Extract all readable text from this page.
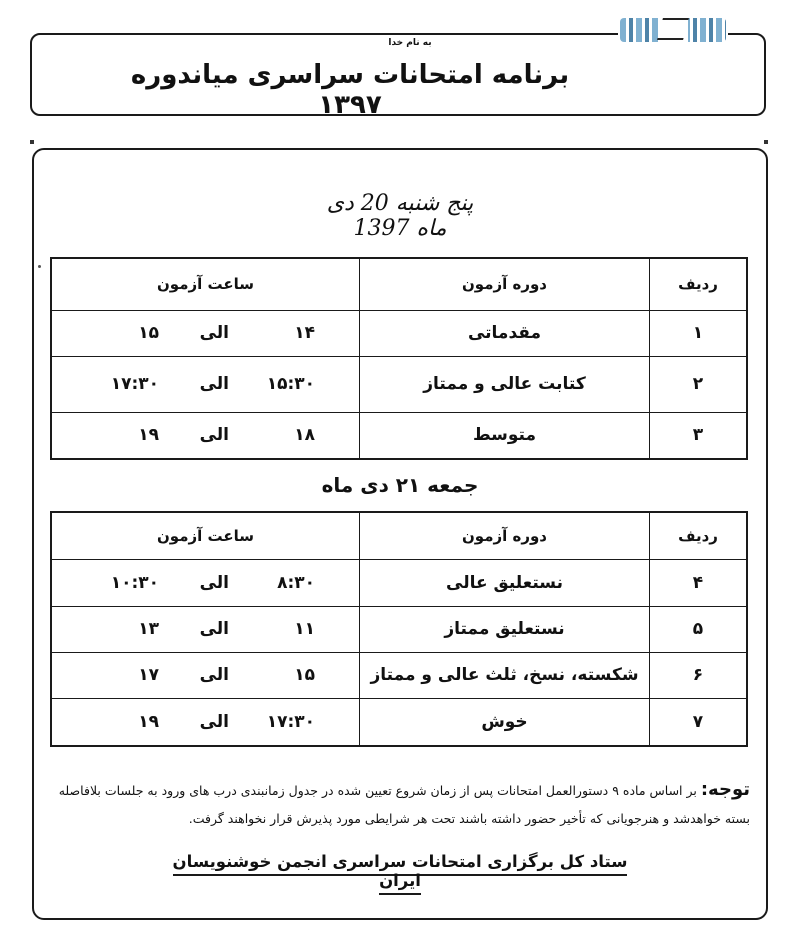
به نام خدا
برنامه امتحانات سراسری میاندوره ۱۳۹۷
پنج شنبه 20 دی ماه 1397
ردیف	دوره آزمون	ساعت آزمون
۱	مقدماتی	۱۴
الی
۱۵

۲	کتابت عالی و ممتاز	۱۵:۳۰
الی
۱۷:۳۰

۳	متوسط	۱۸
الی
۱۹
جمعه ۲۱ دی ماه
ردیف	دوره آزمون	ساعت آزمون
۴	نستعلیق عالی	۸:۳۰
الی
۱۰:۳۰

۵	نستعلیق ممتاز	۱۱
الی
۱۳

۶	شکسته، نسخ، ثلث عالی و ممتاز	۱۵
الی
۱۷

۷	خوش	۱۷:۳۰
الی
۱۹
توجه: بر اساس ماده ۹ دستورالعمل امتحانات پس از زمان شروع تعیین شده در جدول زمانبندی درب های ورود به جلسات بلافاصله بسته خواهدشد و هنرجویانی که تأخیر حضور داشته باشند تحت هر شرایطی مورد پذیرش قرار نخواهند گرفت.
ستاد کل برگزاری امتحانات سراسری انجمن خوشنویسان ایران
